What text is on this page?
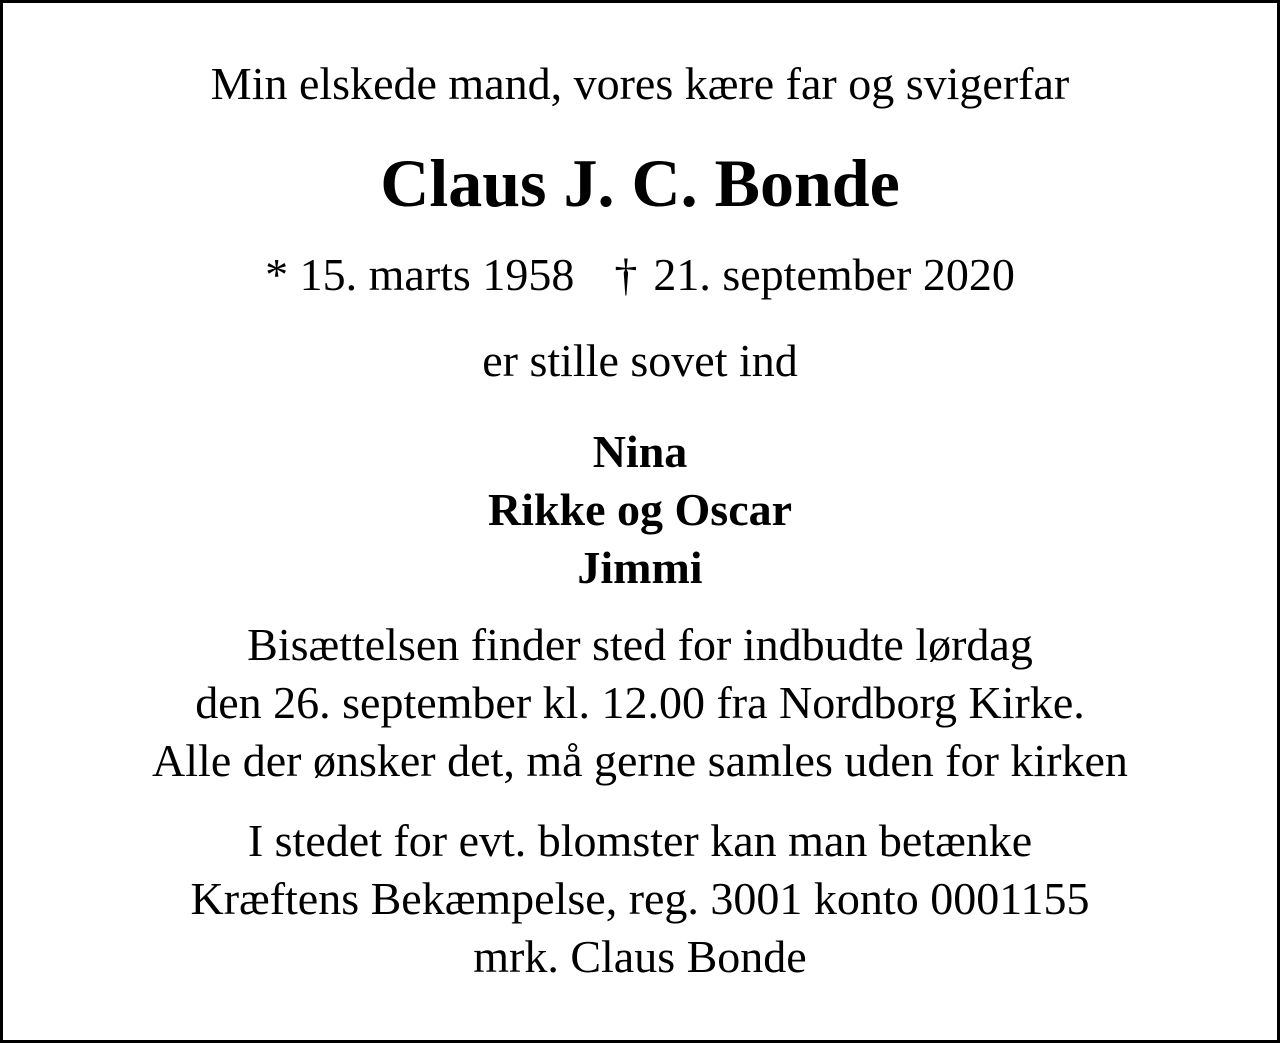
Min elskede mand, vores kære far og svigerfar
Claus J. C. Bonde
* 15. marts 1958 † 21. september 2020
er stille sovet ind
Nina
Rikke og Oscar
Jimmi
Bisættelsen finder sted for indbudte lørdag
den 26. september kl. 12.00 fra Nordborg Kirke.
Alle der ønsker det, må gerne samles uden for kirken
I stedet for evt. blomster kan man betænke
Kræftens Bekæmpelse, reg. 3001 konto 0001155
mrk. Claus Bonde
